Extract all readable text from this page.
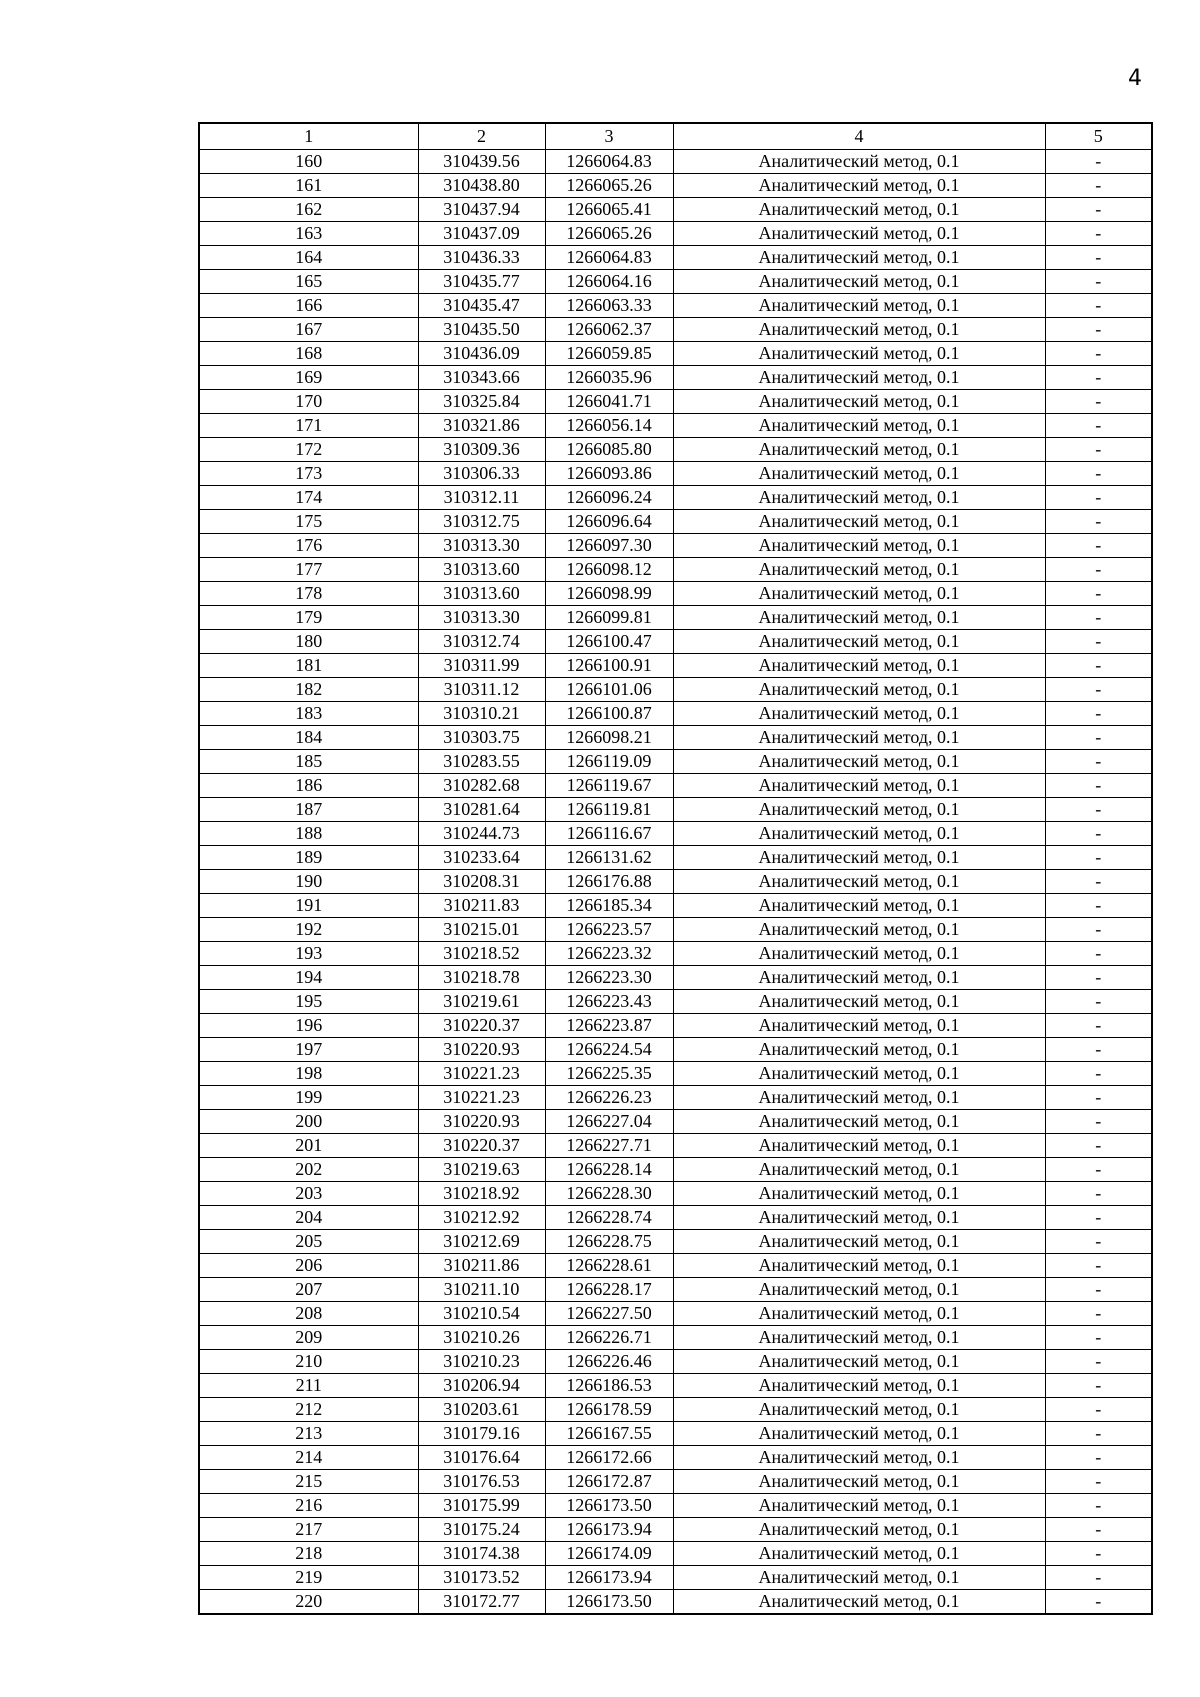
4
1	2	3	4	5
160	310439.56	1266064.83	Аналитический метод, 0.1	-
161	310438.80	1266065.26	Аналитический метод, 0.1	-
162	310437.94	1266065.41	Аналитический метод, 0.1	-
163	310437.09	1266065.26	Аналитический метод, 0.1	-
164	310436.33	1266064.83	Аналитический метод, 0.1	-
165	310435.77	1266064.16	Аналитический метод, 0.1	-
166	310435.47	1266063.33	Аналитический метод, 0.1	-
167	310435.50	1266062.37	Аналитический метод, 0.1	-
168	310436.09	1266059.85	Аналитический метод, 0.1	-
169	310343.66	1266035.96	Аналитический метод, 0.1	-
170	310325.84	1266041.71	Аналитический метод, 0.1	-
171	310321.86	1266056.14	Аналитический метод, 0.1	-
172	310309.36	1266085.80	Аналитический метод, 0.1	-
173	310306.33	1266093.86	Аналитический метод, 0.1	-
174	310312.11	1266096.24	Аналитический метод, 0.1	-
175	310312.75	1266096.64	Аналитический метод, 0.1	-
176	310313.30	1266097.30	Аналитический метод, 0.1	-
177	310313.60	1266098.12	Аналитический метод, 0.1	-
178	310313.60	1266098.99	Аналитический метод, 0.1	-
179	310313.30	1266099.81	Аналитический метод, 0.1	-
180	310312.74	1266100.47	Аналитический метод, 0.1	-
181	310311.99	1266100.91	Аналитический метод, 0.1	-
182	310311.12	1266101.06	Аналитический метод, 0.1	-
183	310310.21	1266100.87	Аналитический метод, 0.1	-
184	310303.75	1266098.21	Аналитический метод, 0.1	-
185	310283.55	1266119.09	Аналитический метод, 0.1	-
186	310282.68	1266119.67	Аналитический метод, 0.1	-
187	310281.64	1266119.81	Аналитический метод, 0.1	-
188	310244.73	1266116.67	Аналитический метод, 0.1	-
189	310233.64	1266131.62	Аналитический метод, 0.1	-
190	310208.31	1266176.88	Аналитический метод, 0.1	-
191	310211.83	1266185.34	Аналитический метод, 0.1	-
192	310215.01	1266223.57	Аналитический метод, 0.1	-
193	310218.52	1266223.32	Аналитический метод, 0.1	-
194	310218.78	1266223.30	Аналитический метод, 0.1	-
195	310219.61	1266223.43	Аналитический метод, 0.1	-
196	310220.37	1266223.87	Аналитический метод, 0.1	-
197	310220.93	1266224.54	Аналитический метод, 0.1	-
198	310221.23	1266225.35	Аналитический метод, 0.1	-
199	310221.23	1266226.23	Аналитический метод, 0.1	-
200	310220.93	1266227.04	Аналитический метод, 0.1	-
201	310220.37	1266227.71	Аналитический метод, 0.1	-
202	310219.63	1266228.14	Аналитический метод, 0.1	-
203	310218.92	1266228.30	Аналитический метод, 0.1	-
204	310212.92	1266228.74	Аналитический метод, 0.1	-
205	310212.69	1266228.75	Аналитический метод, 0.1	-
206	310211.86	1266228.61	Аналитический метод, 0.1	-
207	310211.10	1266228.17	Аналитический метод, 0.1	-
208	310210.54	1266227.50	Аналитический метод, 0.1	-
209	310210.26	1266226.71	Аналитический метод, 0.1	-
210	310210.23	1266226.46	Аналитический метод, 0.1	-
211	310206.94	1266186.53	Аналитический метод, 0.1	-
212	310203.61	1266178.59	Аналитический метод, 0.1	-
213	310179.16	1266167.55	Аналитический метод, 0.1	-
214	310176.64	1266172.66	Аналитический метод, 0.1	-
215	310176.53	1266172.87	Аналитический метод, 0.1	-
216	310175.99	1266173.50	Аналитический метод, 0.1	-
217	310175.24	1266173.94	Аналитический метод, 0.1	-
218	310174.38	1266174.09	Аналитический метод, 0.1	-
219	310173.52	1266173.94	Аналитический метод, 0.1	-
220	310172.77	1266173.50	Аналитический метод, 0.1	-
